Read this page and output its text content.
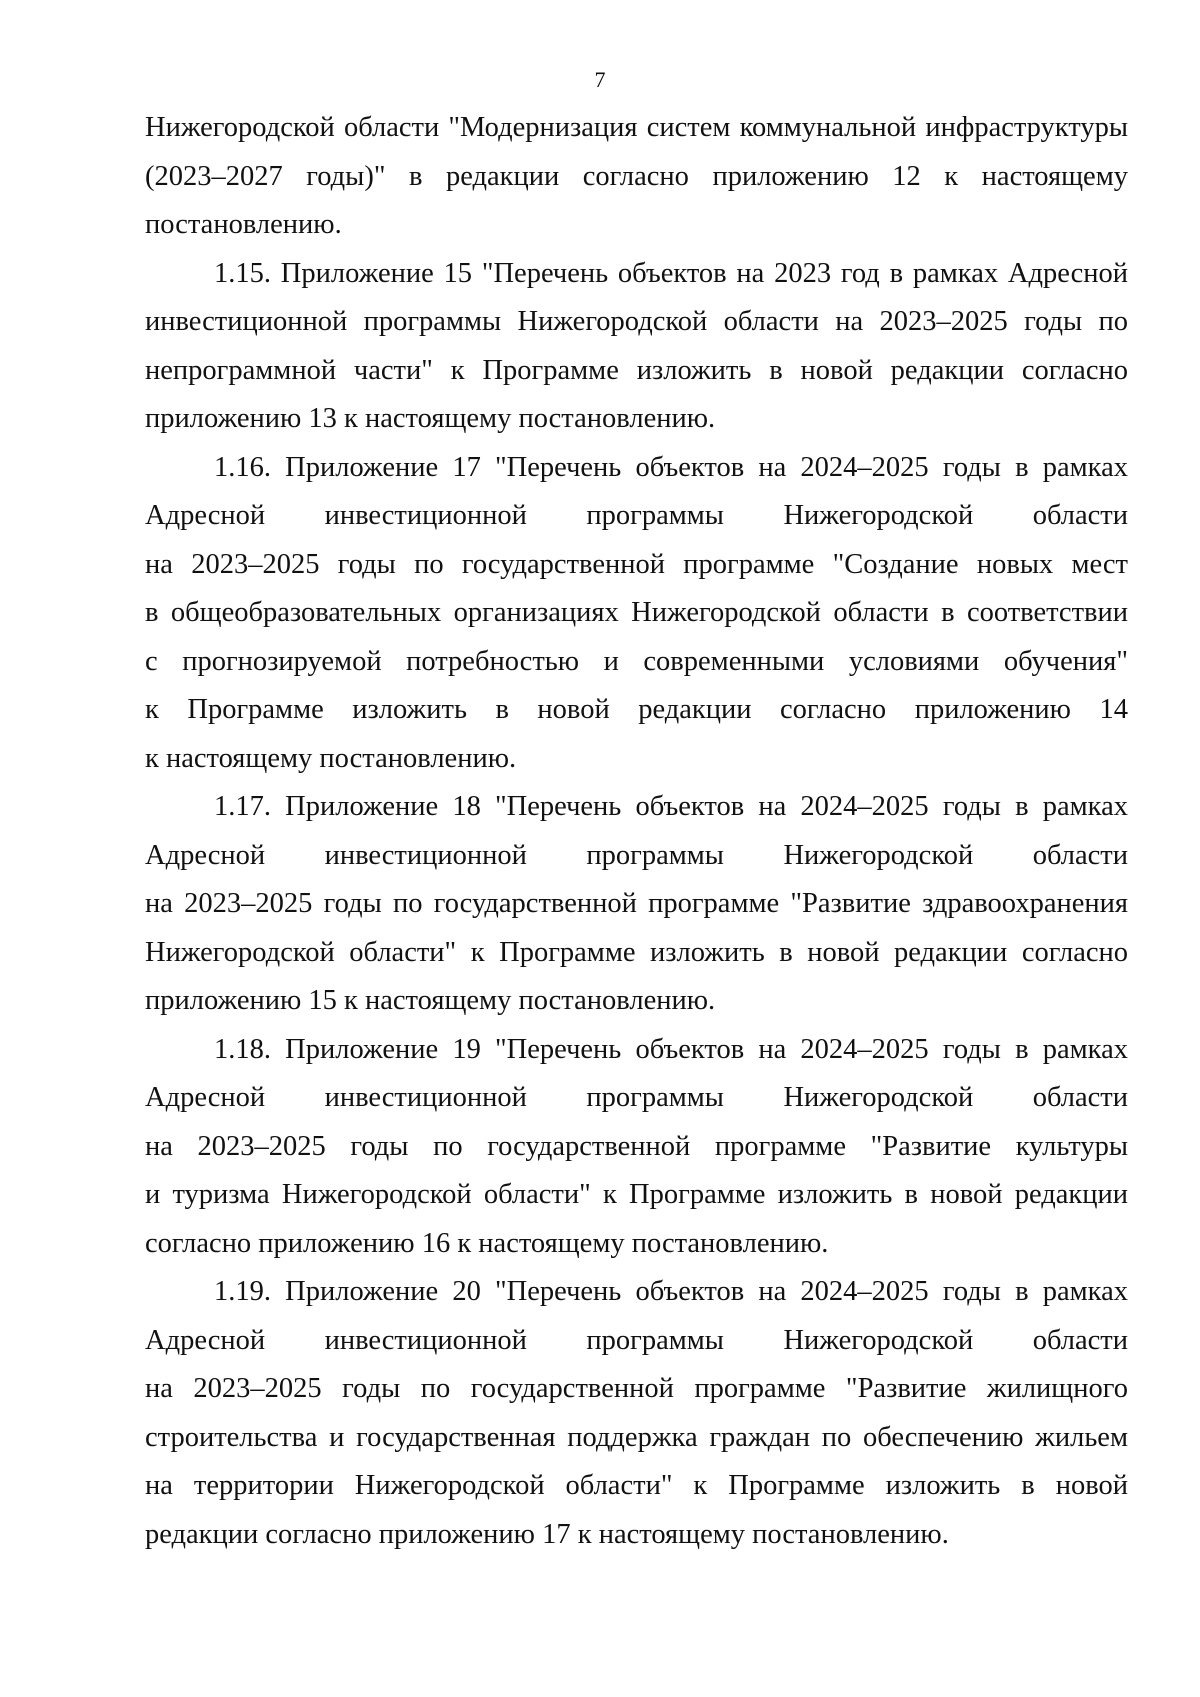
7
Нижегородской области "Модернизация систем коммунальной инфраструктуры
(2023–2027 годы)" в редакции согласно приложению 12 к настоящему
постановлению.
1.15. Приложение 15 "Перечень объектов на 2023 год в рамках Адресной
инвестиционной программы Нижегородской области на 2023–2025 годы по
непрограммной части" к Программе изложить в новой редакции согласно
приложению 13 к настоящему постановлению.
1.16. Приложение 17 "Перечень объектов на 2024–2025 годы в рамках
Адресной инвестиционной программы Нижегородской области
на 2023–2025 годы по государственной программе "Создание новых мест
в общеобразовательных организациях Нижегородской области в соответствии
с прогнозируемой потребностью и современными условиями обучения"
к Программе изложить в новой редакции согласно приложению 14
к настоящему постановлению.
1.17. Приложение 18 "Перечень объектов на 2024–2025 годы в рамках
Адресной инвестиционной программы Нижегородской области
на 2023–2025 годы по государственной программе "Развитие здравоохранения
Нижегородской области" к Программе изложить в новой редакции согласно
приложению 15 к настоящему постановлению.
1.18. Приложение 19 "Перечень объектов на 2024–2025 годы в рамках
Адресной инвестиционной программы Нижегородской области
на 2023–2025 годы по государственной программе "Развитие культуры
и туризма Нижегородской области" к Программе изложить в новой редакции
согласно приложению 16 к настоящему постановлению.
1.19. Приложение 20 "Перечень объектов на 2024–2025 годы в рамках
Адресной инвестиционной программы Нижегородской области
на 2023–2025 годы по государственной программе "Развитие жилищного
строительства и государственная поддержка граждан по обеспечению жильем
на территории Нижегородской области" к Программе изложить в новой
редакции согласно приложению 17 к настоящему постановлению.
